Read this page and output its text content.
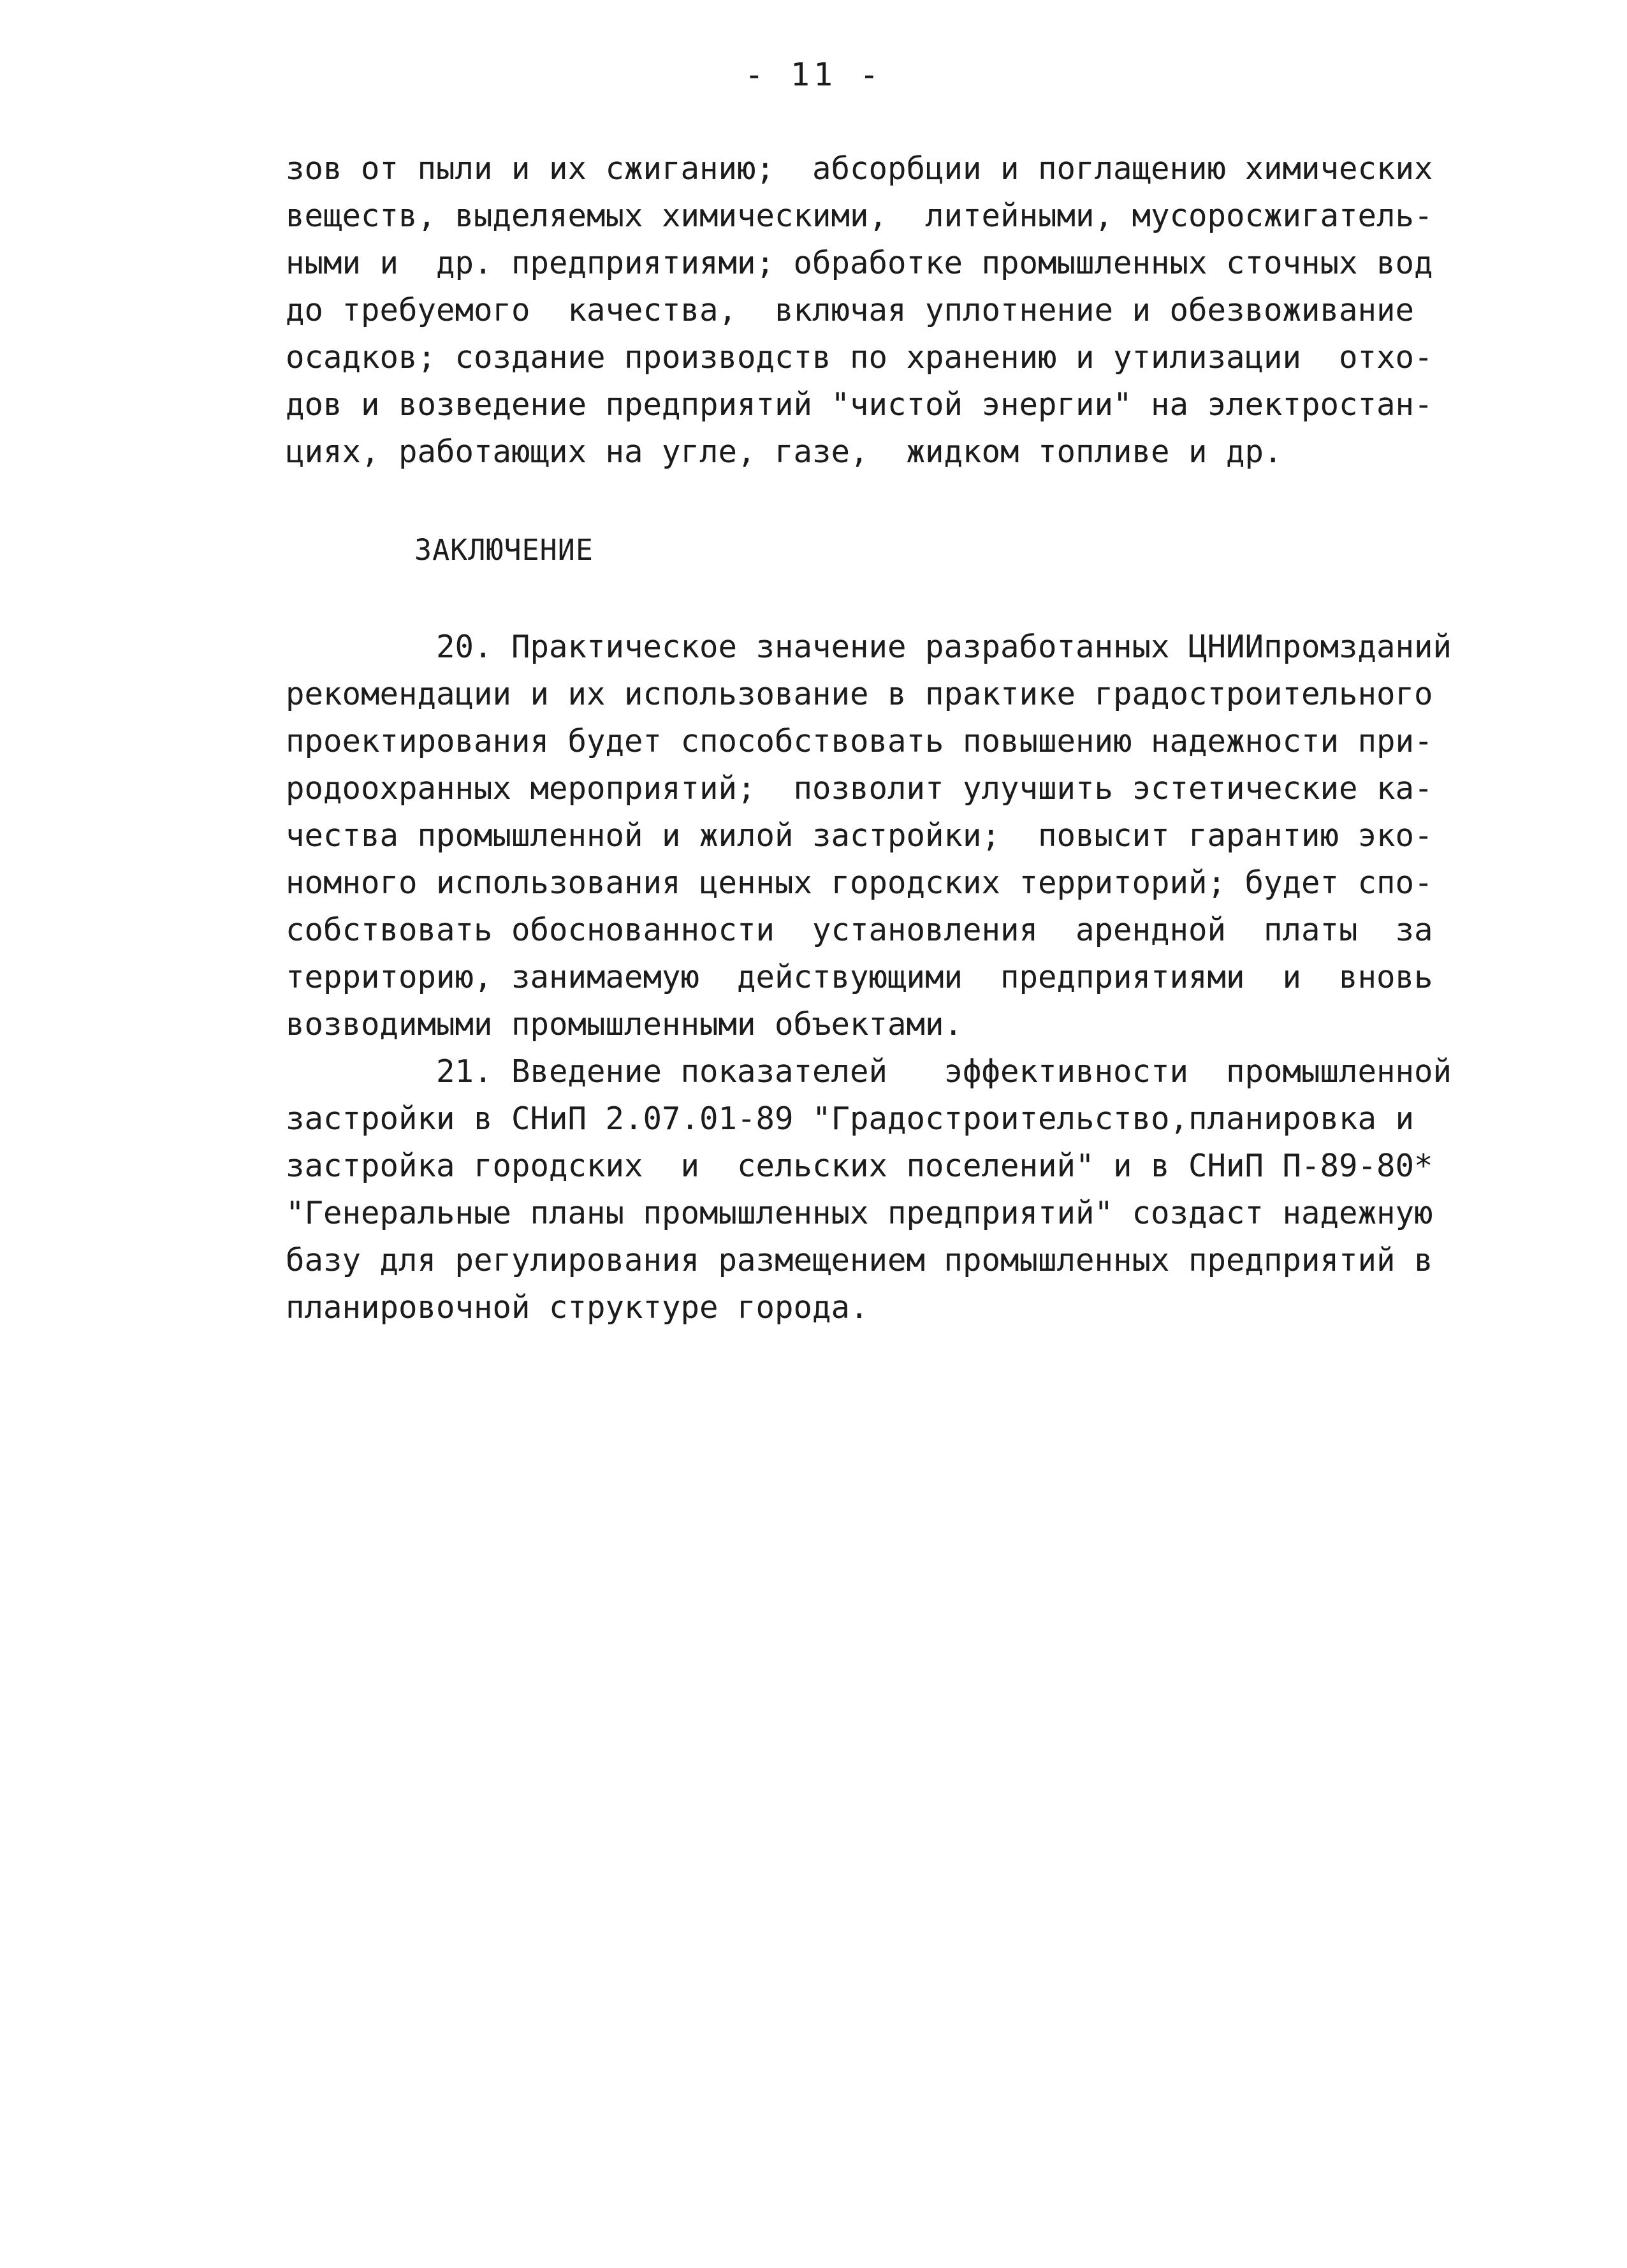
- 11 -
зов от пыли и их сжиганию;  абсорбции и поглащению химических
веществ, выделяемых химическими,  литейными, мусоросжигатель-
ными и  др. предприятиями; обработке промышленных сточных вод
до требуемого  качества,  включая уплотнение и обезвоживание
осадков; создание производств по хранению и утилизации  отхо-
дов и возведение предприятий "чистой энергии" на электростан-
циях, работающих на угле, газе,  жидком топливе и др.
ЗАКЛЮЧЕНИЕ
20. Практическое значение разработанных ЦНИИпромзданий
рекомендации и их использование в практике градостроительного
проектирования будет способствовать повышению надежности при-
родоохранных мероприятий;  позволит улучшить эстетические ка-
чества промышленной и жилой застройки;  повысит гарантию эко-
номного использования ценных городских территорий; будет спо-
собствовать обоснованности  установления  арендной  платы  за
территорию, занимаемую  действующими  предприятиями  и  вновь
возводимыми промышленными объектами.
21. Введение показателей   эффективности  промышленной
застройки в СНиП 2.07.01-89 "Градостроительство,планировка и
застройка городских  и  сельских поселений" и в СНиП П-89-80*
"Генеральные планы промышленных предприятий" создаст надежную
базу для регулирования размещением промышленных предприятий в
планировочной структуре города.
